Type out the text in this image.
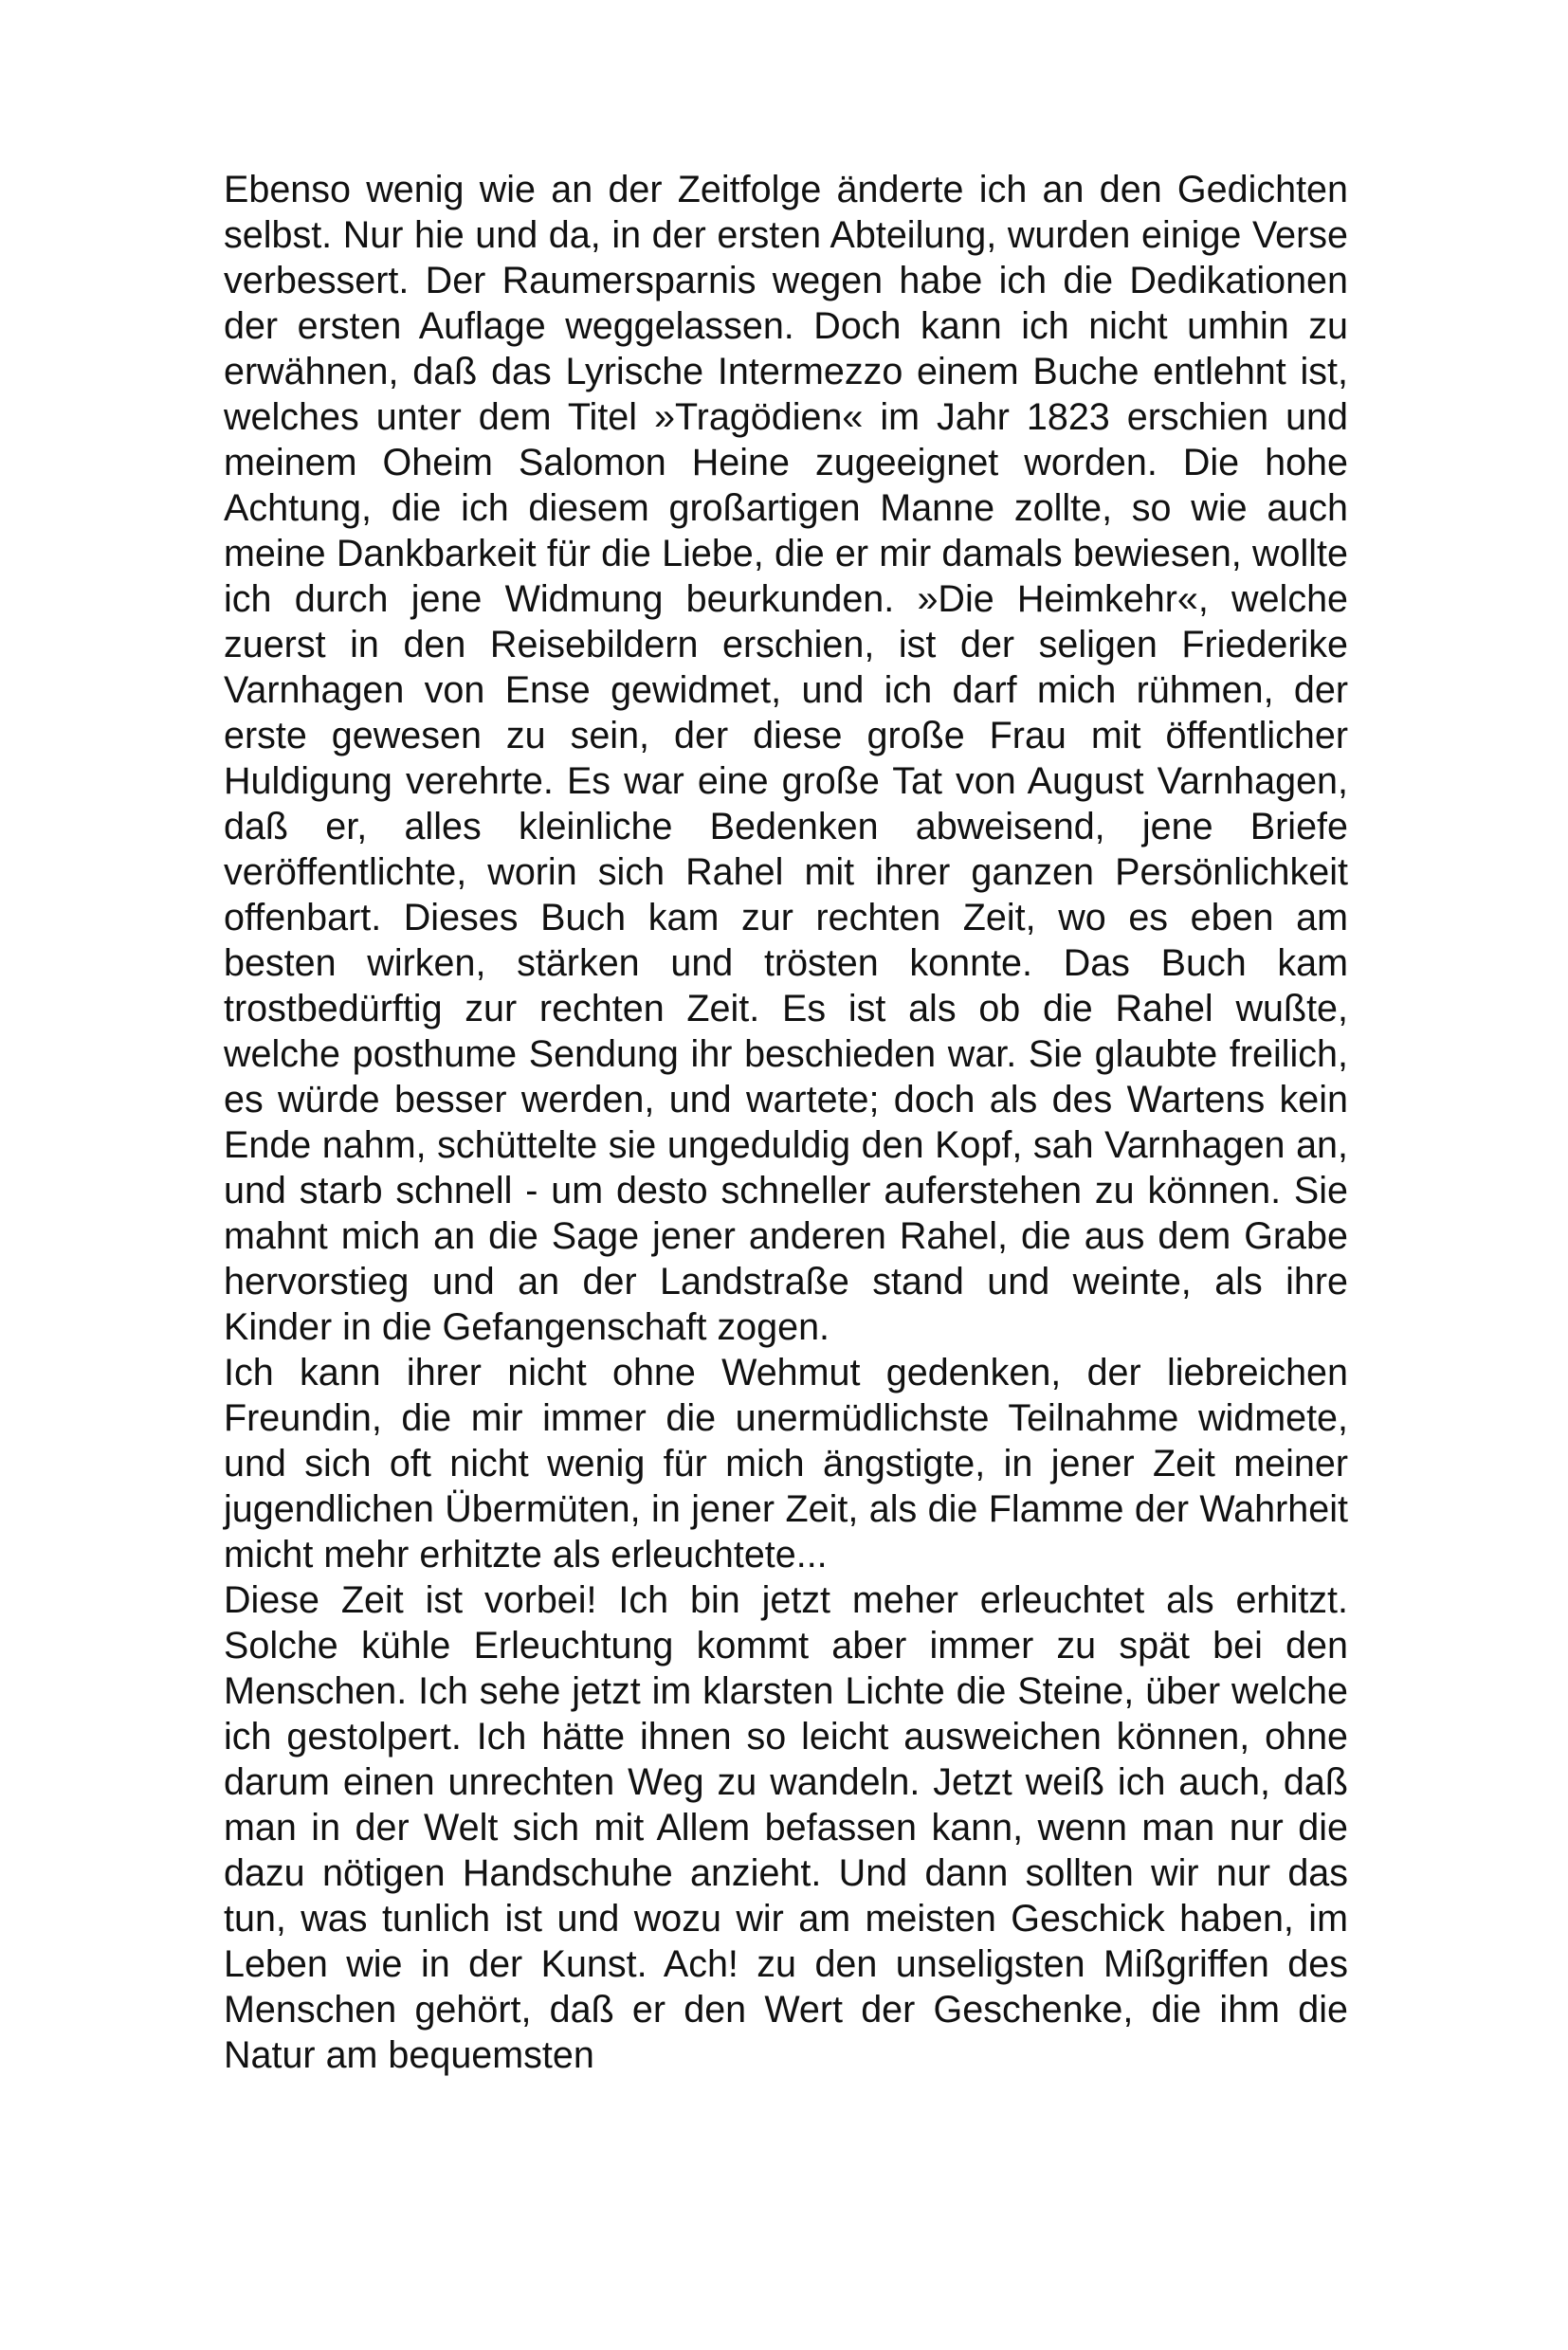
Ebenso wenig wie an der Zeitfolge änderte ich an den Gedichten selbst. Nur hie und da, in der ersten Abteilung, wurden einige Verse verbessert. Der Raumersparnis wegen habe ich die Dedikationen der ersten Auflage weggelassen. Doch kann ich nicht umhin zu erwähnen, daß das Lyrische Intermezzo einem Buche entlehnt ist, welches unter dem Titel »Tragödien« im Jahr 1823 erschien und meinem Oheim Salomon Heine zugeeignet worden. Die hohe Achtung, die ich diesem großartigen Manne zollte, so wie auch meine Dankbarkeit für die Liebe, die er mir damals bewiesen, wollte ich durch jene Widmung beurkunden. »Die Heimkehr«, welche zuerst in den Reisebildern erschien, ist der seligen Friederike Varnhagen von Ense gewidmet, und ich darf mich rühmen, der erste gewesen zu sein, der diese große Frau mit öffentlicher Huldigung verehrte. Es war eine große Tat von August Varnhagen, daß er, alles kleinliche Bedenken abweisend, jene Briefe veröffentlichte, worin sich Rahel mit ihrer ganzen Persönlichkeit offenbart. Dieses Buch kam zur rechten Zeit, wo es eben am besten wirken, stärken und trösten konnte. Das Buch kam trostbedürftig zur rechten Zeit. Es ist als ob die Rahel wußte, welche posthume Sendung ihr beschieden war. Sie glaubte freilich, es würde besser werden, und wartete; doch als des Wartens kein Ende nahm, schüttelte sie ungeduldig den Kopf, sah Varnhagen an, und starb schnell - um desto schneller auferstehen zu können. Sie mahnt mich an die Sage jener anderen Rahel, die aus dem Grabe hervorstieg und an der Landstraße stand und weinte, als ihre Kinder in die Gefangenschaft zogen.

Ich kann ihrer nicht ohne Wehmut gedenken, der liebreichen Freundin, die mir immer die unermüdlichste Teilnahme widmete, und sich oft nicht wenig für mich ängstigte, in jener Zeit meiner jugendlichen Übermüten, in jener Zeit, als die Flamme der Wahrheit micht mehr erhitzte als erleuchtete...

Diese Zeit ist vorbei! Ich bin jetzt meher erleuchtet als erhitzt. Solche kühle Erleuchtung kommt aber immer zu spät bei den Menschen. Ich sehe jetzt im klarsten Lichte die Steine, über welche ich gestolpert. Ich hätte ihnen so leicht ausweichen können, ohne darum einen unrechten Weg zu wandeln. Jetzt weiß ich auch, daß man in der Welt sich mit Allem befassen kann, wenn man nur die dazu nötigen Handschuhe anzieht. Und dann sollten wir nur das tun, was tunlich ist und wozu wir am meisten Geschick haben, im Leben wie in der Kunst. Ach! zu den unseligsten Mißgriffen des Menschen gehört, daß er den Wert der Geschenke, die ihm die Natur am bequemsten
